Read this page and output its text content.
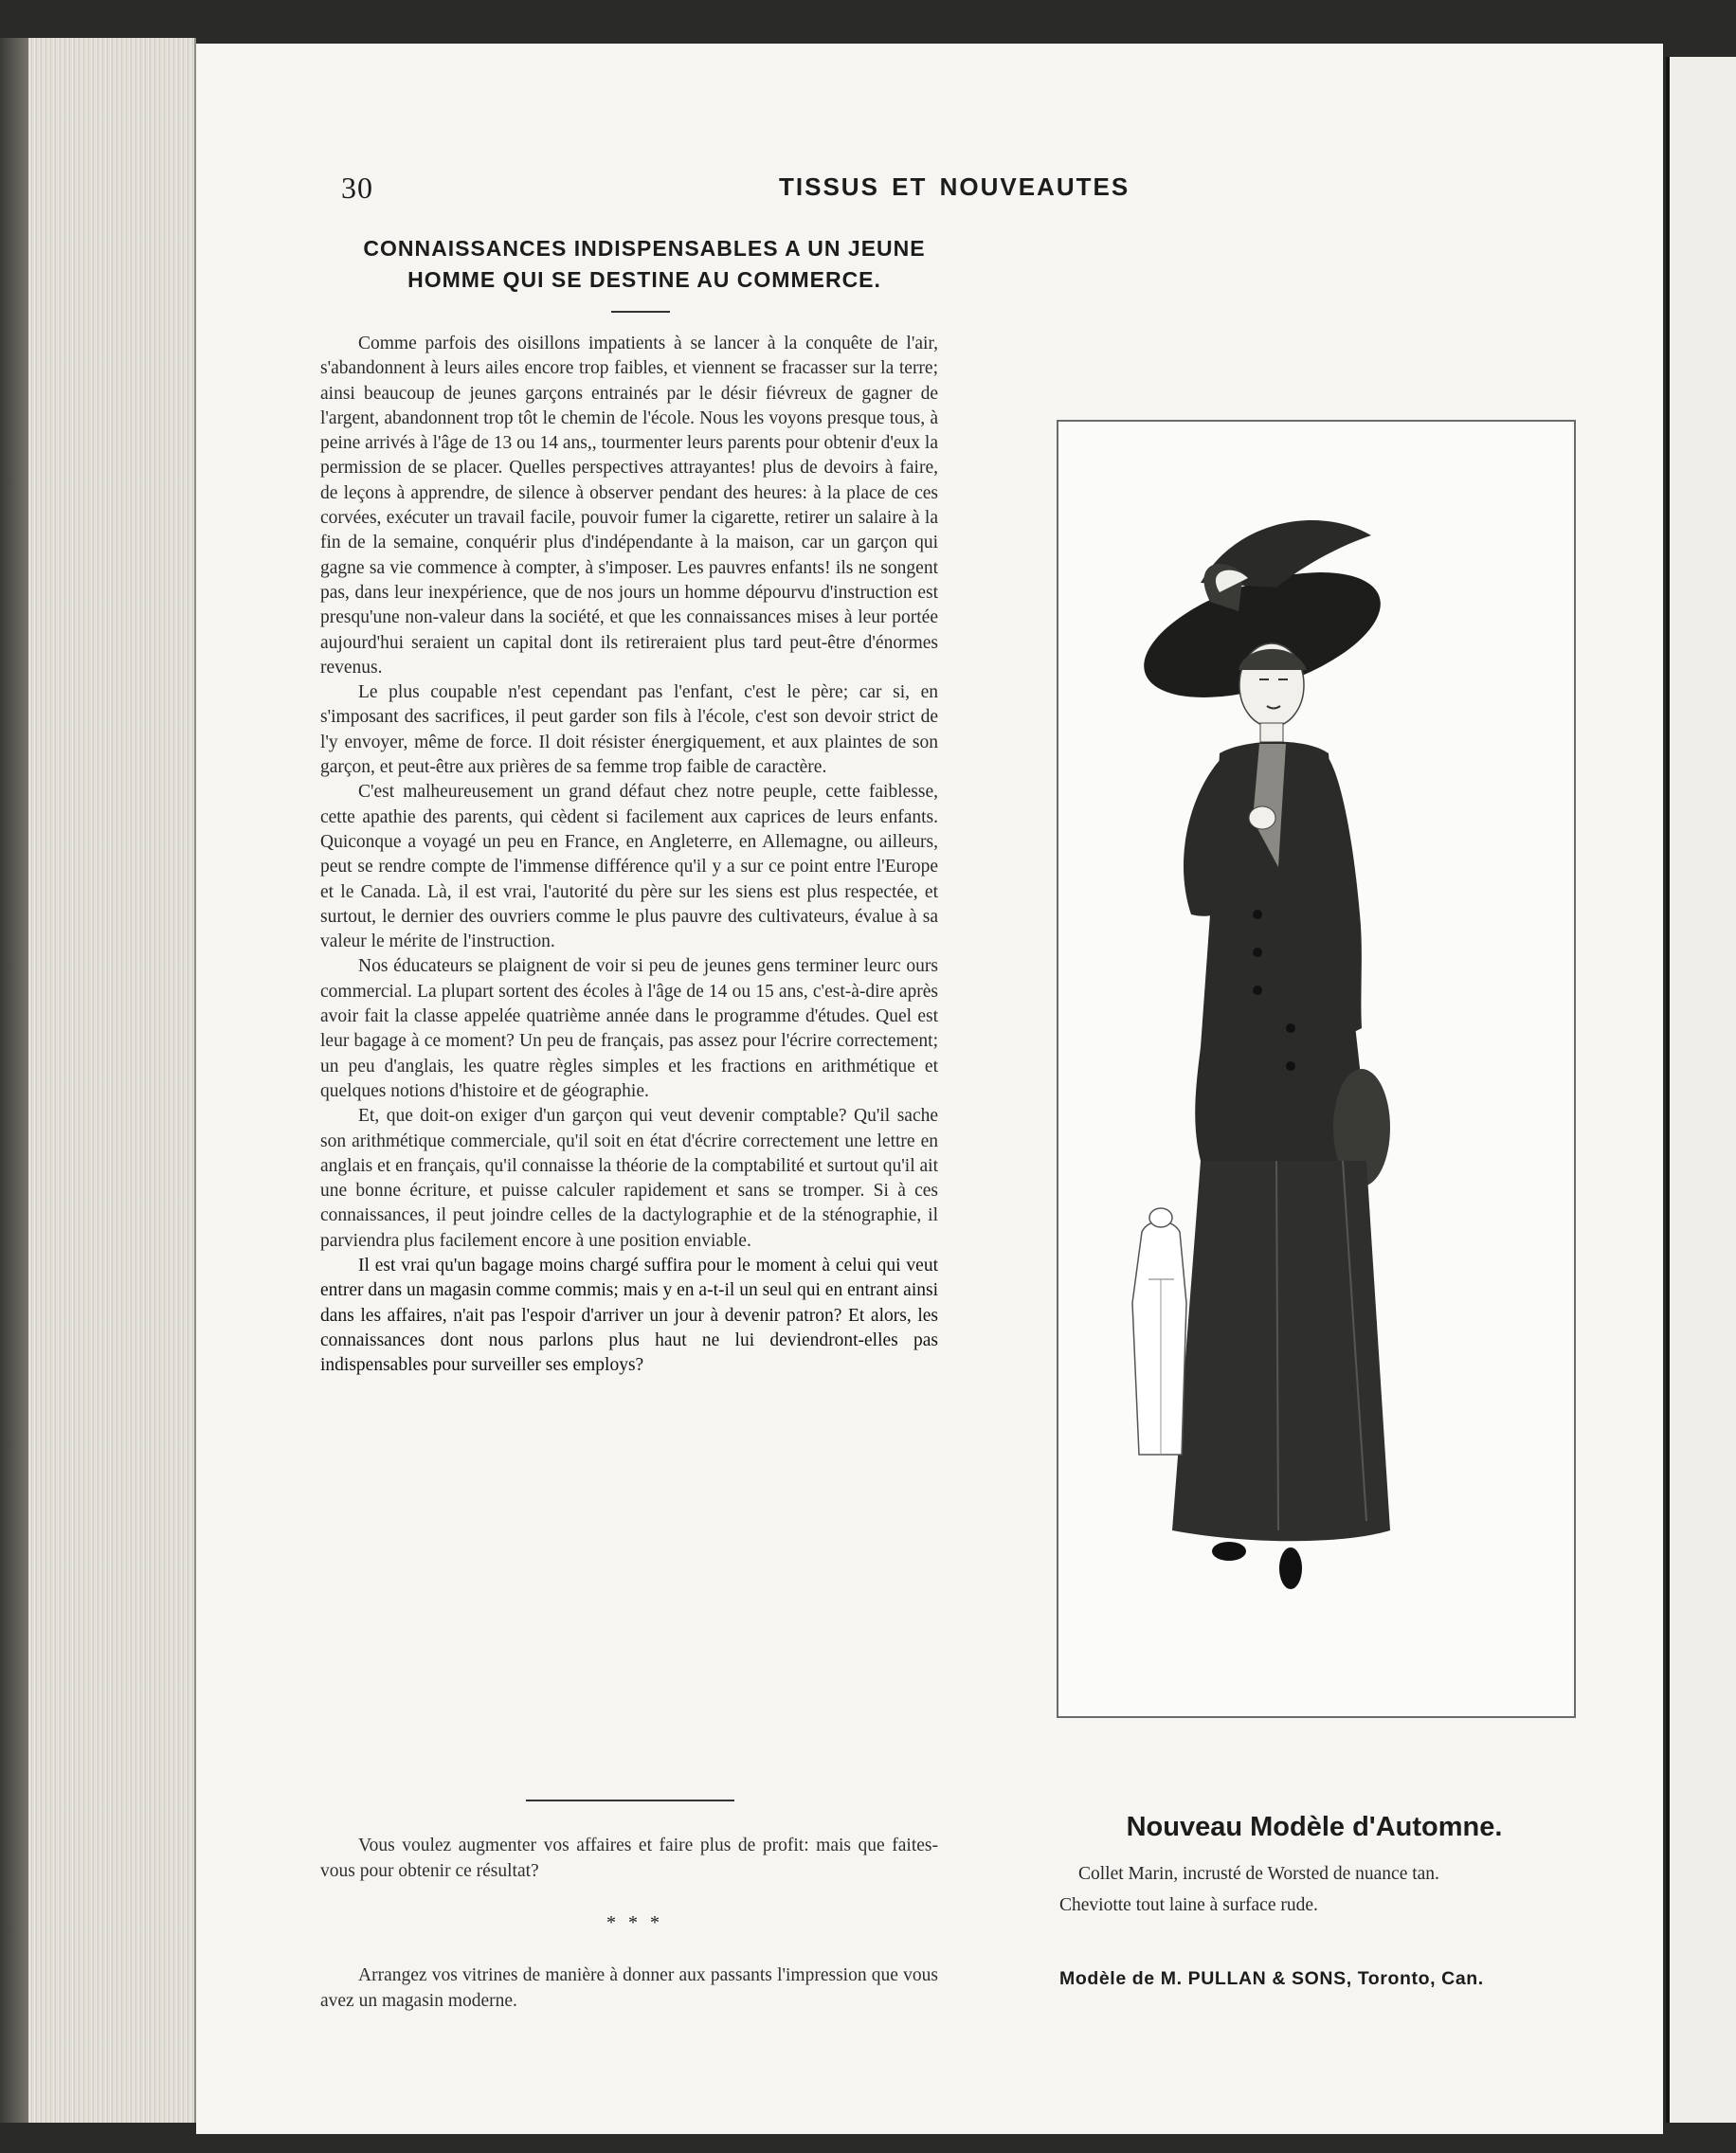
30	TISSUS ET NOUVEAUTES
CONNAISSANCES INDISPENSABLES A UN JEUNE
HOMME QUI SE DESTINE AU COMMERCE.

Comme parfois des oisillons impatients à se lancer à la conquête de l'air, s'abandonnent à leurs ailes encore trop faibles, et viennent se fracasser sur la terre; ainsi beaucoup de jeunes garçons entrainés par le désir fiévreux de gagner de l'argent, abandonnent trop tôt le chemin de l'école. Nous les voyons presque tous, à peine arrivés à l'âge de 13 ou 14 ans,, tourmenter leurs parents pour obtenir d'eux la permission de se placer. Quelles perspectives attrayantes! plus de devoirs à faire, de leçons à apprendre, de silence à observer pendant des heures: à la place de ces corvées, exécuter un travail facile, pouvoir fumer la cigarette, retirer un salaire à la fin de la semaine, conquérir plus d'indépendante à la maison, car un garçon qui gagne sa vie commence à compter, à s'imposer. Les pauvres enfants! ils ne songent pas, dans leur inexpérience, que de nos jours un homme dépourvu d'instruction est presqu'une non-valeur dans la société, et que les connaissances mises à leur portée aujourd'hui seraient un capital dont ils retireraient plus tard peut-être d'énormes revenus.

Le plus coupable n'est cependant pas l'enfant, c'est le père; car si, en s'imposant des sacrifices, il peut garder son fils à l'école, c'est son devoir strict de l'y envoyer, même de force. Il doit résister énergiquement, et aux plaintes de son garçon, et peut-être aux prières de sa femme trop faible de caractère.

C'est malheureusement un grand défaut chez notre peuple, cette faiblesse, cette apathie des parents, qui cèdent si facilement aux caprices de leurs enfants. Quiconque a voyagé un peu en France, en Angleterre, en Allemagne, ou ailleurs, peut se rendre compte de l'immense différence qu'il y a sur ce point entre l'Europe et le Canada. Là, il est vrai, l'autorité du père sur les siens est plus respectée, et surtout, le dernier des ouvriers comme le plus pauvre des cultivateurs, évalue à sa valeur le mérite de l'instruction.

Nos éducateurs se plaignent de voir si peu de jeunes gens terminer leurc ours commercial. La plupart sortent des écoles à l'âge de 14 ou 15 ans, c'est-à-dire après avoir fait la classe appelée quatrième année dans le programme d'études. Quel est leur bagage à ce moment? Un peu de français, pas assez pour l'écrire correctement; un peu d'anglais, les quatre règles simples et les fractions en arithmétique et quelques notions d'histoire et de géographie.

Et, que doit-on exiger d'un garçon qui veut devenir comptable? Qu'il sache son arithmétique commerciale, qu'il soit en état d'écrire correctement une lettre en anglais et en français, qu'il connaisse la théorie de la comptabilité et surtout qu'il ait une bonne écriture, et puisse calculer rapidement et sans se tromper. Si à ces connaissances, il peut joindre celles de la dactylographie et de la sténographie, il parviendra plus facilement encore à une position enviable.

Il est vrai qu'un bagage moins chargé suffira pour le moment à celui qui veut entrer dans un magasin comme commis; mais y en a-t-il un seul qui en entrant ainsi dans les affaires, n'ait pas l'espoir d'arriver un jour à devenir patron? Et alors, les connaissances dont nous parlons plus haut ne lui deviendront-elles pas indispensables pour surveiller ses employs?

Vous voulez augmenter vos affaires et faire plus de profit: mais que faites-vous pour obtenir ce résultat?

* * *

Arrangez vos vitrines de manière à donner aux passants l'impression que vous avez un magasin moderne.

Nouveau Modèle d'Automne.
Collet Marin, incrusté de Worsted de nuance tan.
Cheviotte tout laine à surface rude.
Modèle de M. PULLAN & SONS, Toronto, Can.
